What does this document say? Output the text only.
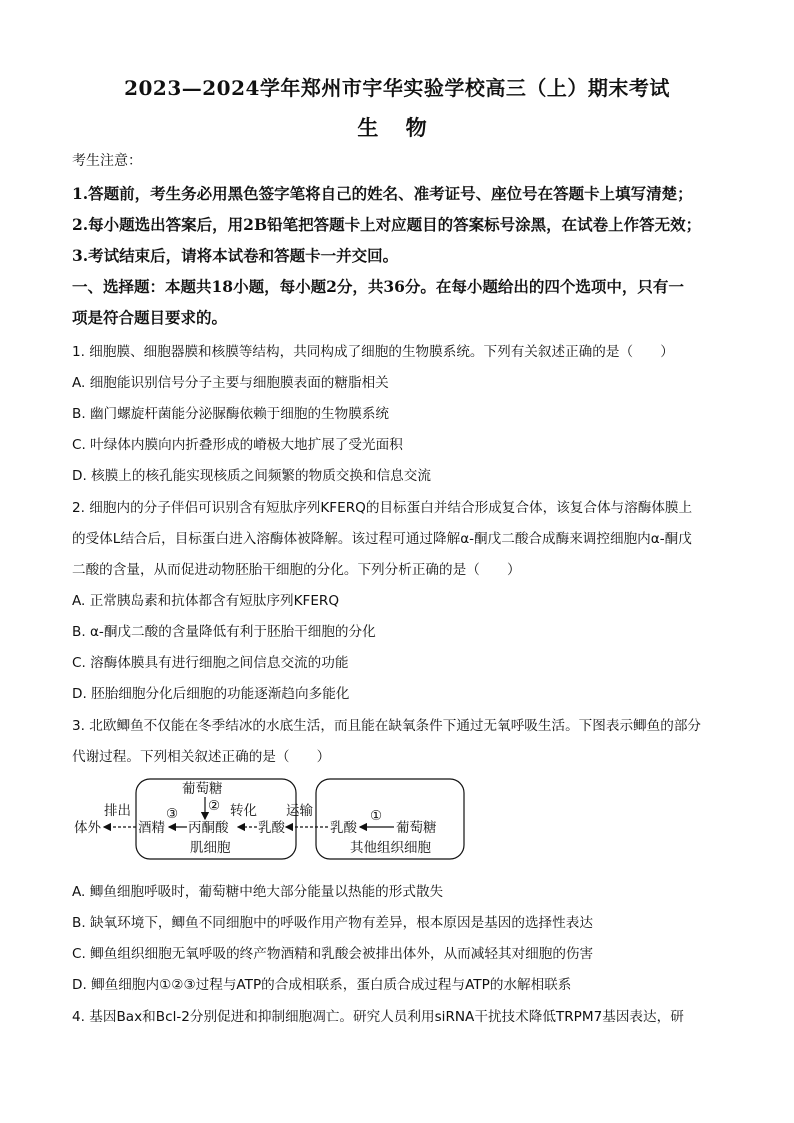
2023—2024学年郑州市宇华实验学校高三（上）期末考试
生 物
考生注意：
1.答题前，考生务必用黑色签字笔将自己的姓名、准考证号、座位号在答题卡上填写清楚；
2.每小题选出答案后，用2B铅笔把答题卡上对应题目的答案标号涂黑，在试卷上作答无效；
3.考试结束后，请将本试卷和答题卡一并交回。
一、选择题：本题共18小题，每小题2分，共36分。在每小题给出的四个选项中，只有一
项是符合题目要求的。
1. 细胞膜、细胞器膜和核膜等结构，共同构成了细胞的生物膜系统。下列有关叙述正确的是（　　）
A. 细胞能识别信号分子主要与细胞膜表面的糖脂相关
B. 幽门螺旋杆菌能分泌脲酶依赖于细胞的生物膜系统
C. 叶绿体内膜向内折叠形成的嵴极大地扩展了受光面积
D. 核膜上的核孔能实现核质之间频繁的物质交换和信息交流
2. 细胞内的分子伴侣可识别含有短肽序列KFERQ的目标蛋白并结合形成复合体，该复合体与溶酶体膜上
的受体L结合后，目标蛋白进入溶酶体被降解。该过程可通过降解α-酮戊二酸合成酶来调控细胞内α-酮戊
二酸的含量，从而促进动物胚胎干细胞的分化。下列分析正确的是（　　）
A. 正常胰岛素和抗体都含有短肽序列KFERQ
B. α-酮戊二酸的含量降低有利于胚胎干细胞的分化
C. 溶酶体膜具有进行细胞之间信息交流的功能
D. 胚胎细胞分化后细胞的功能逐渐趋向多能化
3. 北欧鲫鱼不仅能在冬季结冰的水底生活，而且能在缺氧条件下通过无氧呼吸生活。下图表示鲫鱼的部分
代谢过程。下列相关叙述正确的是（　　）
葡萄糖
②
③
排出
体外	酒精 丙酮酸
转化
乳酸
运输
肌细胞
乳酸
①
葡萄糖
其他组织细胞
A. 鲫鱼细胞呼吸时，葡萄糖中绝大部分能量以热能的形式散失
B. 缺氧环境下，鲫鱼不同细胞中的呼吸作用产物有差异，根本原因是基因的选择性表达
C. 鲫鱼组织细胞无氧呼吸的终产物酒精和乳酸会被排出体外，从而减轻其对细胞的伤害
D. 鲫鱼细胞内①②③过程与ATP的合成相联系，蛋白质合成过程与ATP的水解相联系
4. 基因Bax和Bcl-2分别促进和抑制细胞凋亡。研究人员利用siRNA干扰技术降低TRPM7基因表达，研
